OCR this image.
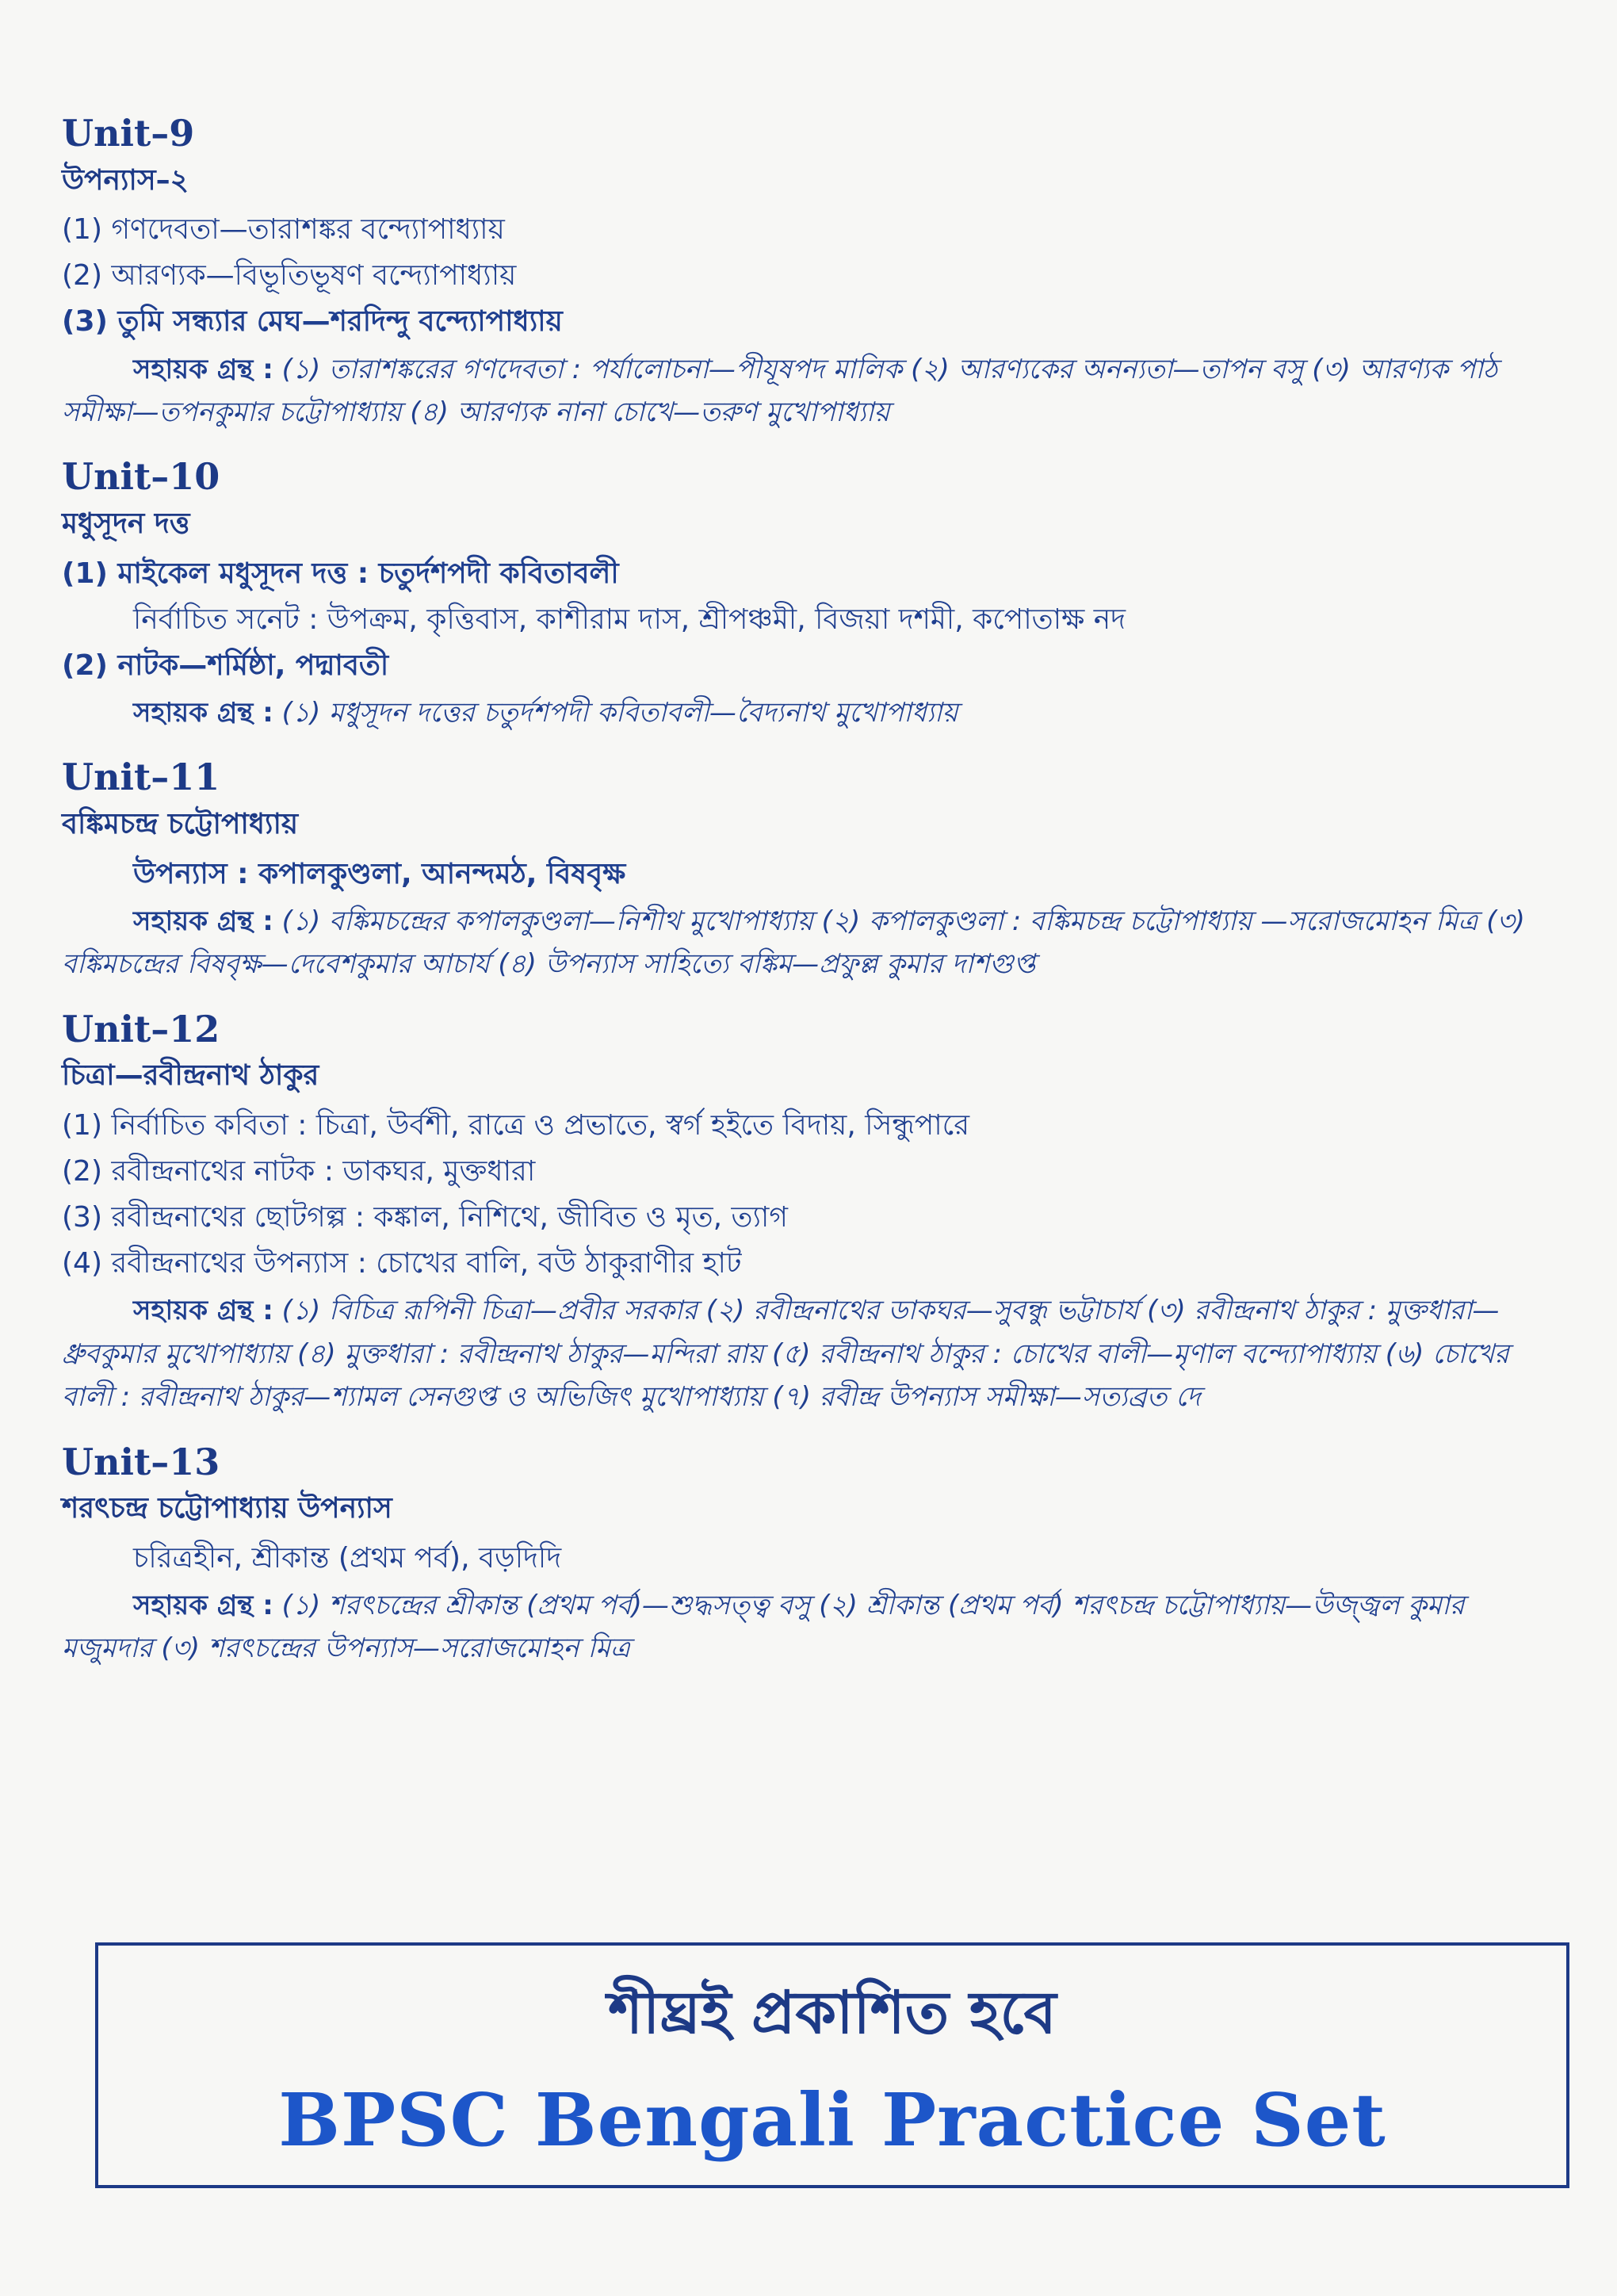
Unit–9
উপন্যাস–২
(1) গণদেবতা—তারাশঙ্কর বন্দ্যোপাধ্যায়
(2) আরণ্যক—বিভূতিভূষণ বন্দ্যোপাধ্যায়
(3) তুমি সন্ধ্যার মেঘ—শরদিন্দু বন্দ্যোপাধ্যায়
সহায়ক গ্রন্থ : (১) তারাশঙ্করের গণদেবতা : পর্যালোচনা—পীযূষপদ মালিক (২) আরণ্যকের অনন্যতা—তাপন বসু (৩) আরণ্যক পাঠ সমীক্ষা—তপনকুমার চট্টোপাধ্যায় (৪) আরণ্যক নানা চোখে—তরুণ মুখোপাধ্যায়
Unit–10
মধুসূদন দত্ত
(1) মাইকেল মধুসূদন দত্ত : চতুর্দশপদী কবিতাবলী
নির্বাচিত সনেট : উপক্রম, কৃত্তিবাস, কাশীরাম দাস, শ্রীপঞ্চমী, বিজয়া দশমী, কপোতাক্ষ নদ
(2) নাটক—শর্মিষ্ঠা, পদ্মাবতী
সহায়ক গ্রন্থ : (১) মধুসূদন দত্তের চতুর্দশপদী কবিতাবলী—বৈদ্যনাথ মুখোপাধ্যায়
Unit–11
বঙ্কিমচন্দ্র চট্টোপাধ্যায়
উপন্যাস : কপালকুণ্ডলা, আনন্দমঠ, বিষবৃক্ষ
সহায়ক গ্রন্থ : (১) বঙ্কিমচন্দ্রের কপালকুণ্ডলা—নিশীথ মুখোপাধ্যায় (২) কপালকুণ্ডলা : বঙ্কিমচন্দ্র চট্টোপাধ্যায় —সরোজমোহন মিত্র (৩) বঙ্কিমচন্দ্রের বিষবৃক্ষ—দেবেশকুমার আচার্য (৪) উপন্যাস সাহিত্যে বঙ্কিম—প্রফুল্ল কুমার দাশগুপ্ত
Unit–12
চিত্রা—রবীন্দ্রনাথ ঠাকুর
(1) নির্বাচিত কবিতা : চিত্রা, উর্বশী, রাত্রে ও প্রভাতে, স্বর্গ হইতে বিদায়, সিন্ধুপারে
(2) রবীন্দ্রনাথের নাটক : ডাকঘর, মুক্তধারা
(3) রবীন্দ্রনাথের ছোটগল্প : কঙ্কাল, নিশিথে, জীবিত ও মৃত, ত্যাগ
(4) রবীন্দ্রনাথের উপন্যাস : চোখের বালি, বউ ঠাকুরাণীর হাট
সহায়ক গ্রন্থ : (১) বিচিত্র রূপিনী চিত্রা—প্রবীর সরকার (২) রবীন্দ্রনাথের ডাকঘর—সুবন্ধু ভট্টাচার্য (৩) রবীন্দ্রনাথ ঠাকুর : মুক্তধারা—ধ্রুবকুমার মুখোপাধ্যায় (৪) মুক্তধারা : রবীন্দ্রনাথ ঠাকুর—মন্দিরা রায় (৫) রবীন্দ্রনাথ ঠাকুর : চোখের বালী—মৃণাল বন্দ্যোপাধ্যায় (৬) চোখের বালী : রবীন্দ্রনাথ ঠাকুর—শ্যামল সেনগুপ্ত ও অভিজিৎ মুখোপাধ্যায় (৭) রবীন্দ্র উপন্যাস সমীক্ষা—সত্যব্রত দে
Unit–13
শরৎচন্দ্র চট্টোপাধ্যায় উপন্যাস
চরিত্রহীন, শ্রীকান্ত (প্রথম পর্ব), বড়দিদি
সহায়ক গ্রন্থ : (১) শরৎচন্দ্রের শ্রীকান্ত (প্রথম পর্ব)—শুদ্ধসত্ত্ব বসু (২) শ্রীকান্ত (প্রথম পর্ব) শরৎচন্দ্র চট্টোপাধ্যায়—উজ্জ্বল কুমার মজুমদার (৩) শরৎচন্দ্রের উপন্যাস—সরোজমোহন মিত্র
শীঘ্রই প্রকাশিত হবে
BPSC Bengali Practice Set
